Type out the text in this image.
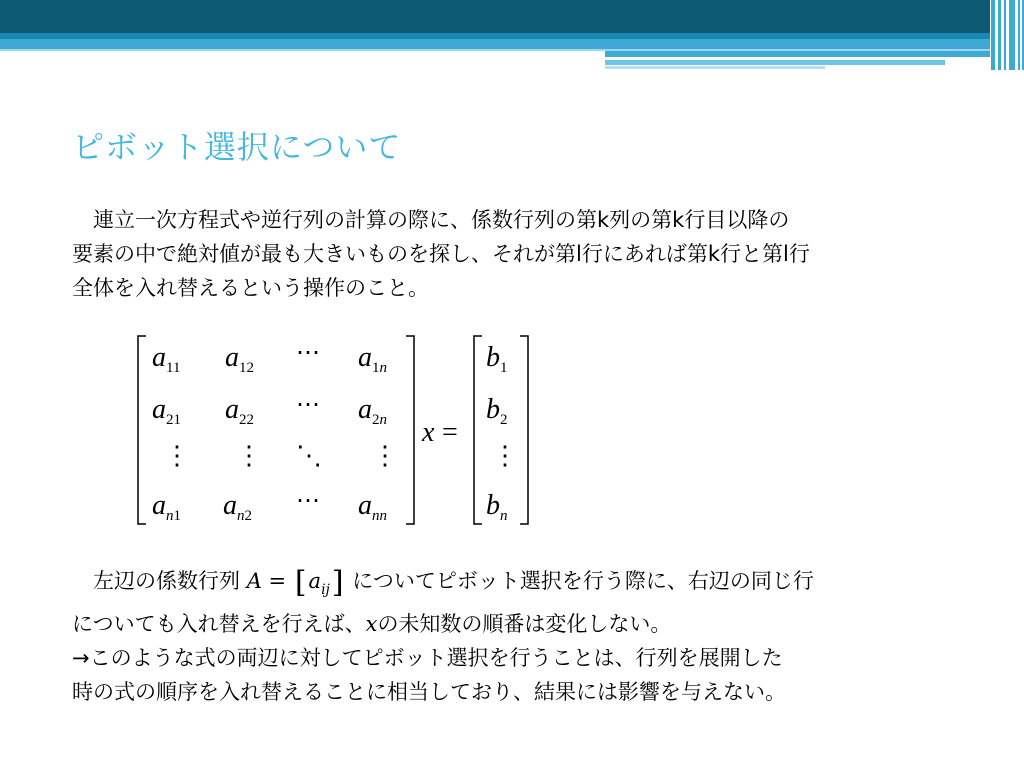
ピボット選択について

連立一次方程式や逆行列の計算の際に、係数行列の第k列の第k行目以降の
要素の中で絶対値が最も大きいものを探し、それが第l行にあれば第k行と第l行
全体を入れ替えるという操作のこと。

$a_{11}$ $a_{12}$
⋯ $a_1n$
$a_{21}$ $a_{22}$
⋯ $a_2n$
⋮ ⋮ ⋱ ⋮
$a_n1$ $a_n2$
⋯ $a_{nn}$
x =
$b_1$
$b_2$
⋮
$b_n$

左辺の係数行列 $A = [a_{ij}]$ についてピボット選択を行う際に、右辺の同じ行
についても入れ替えを行えば、xの未知数の順番は変化しない。
→このような式の両辺に対してピボット選択を行うことは、行列を展開した
時の式の順序を入れ替えることに相当しており、結果には影響を与えない。
